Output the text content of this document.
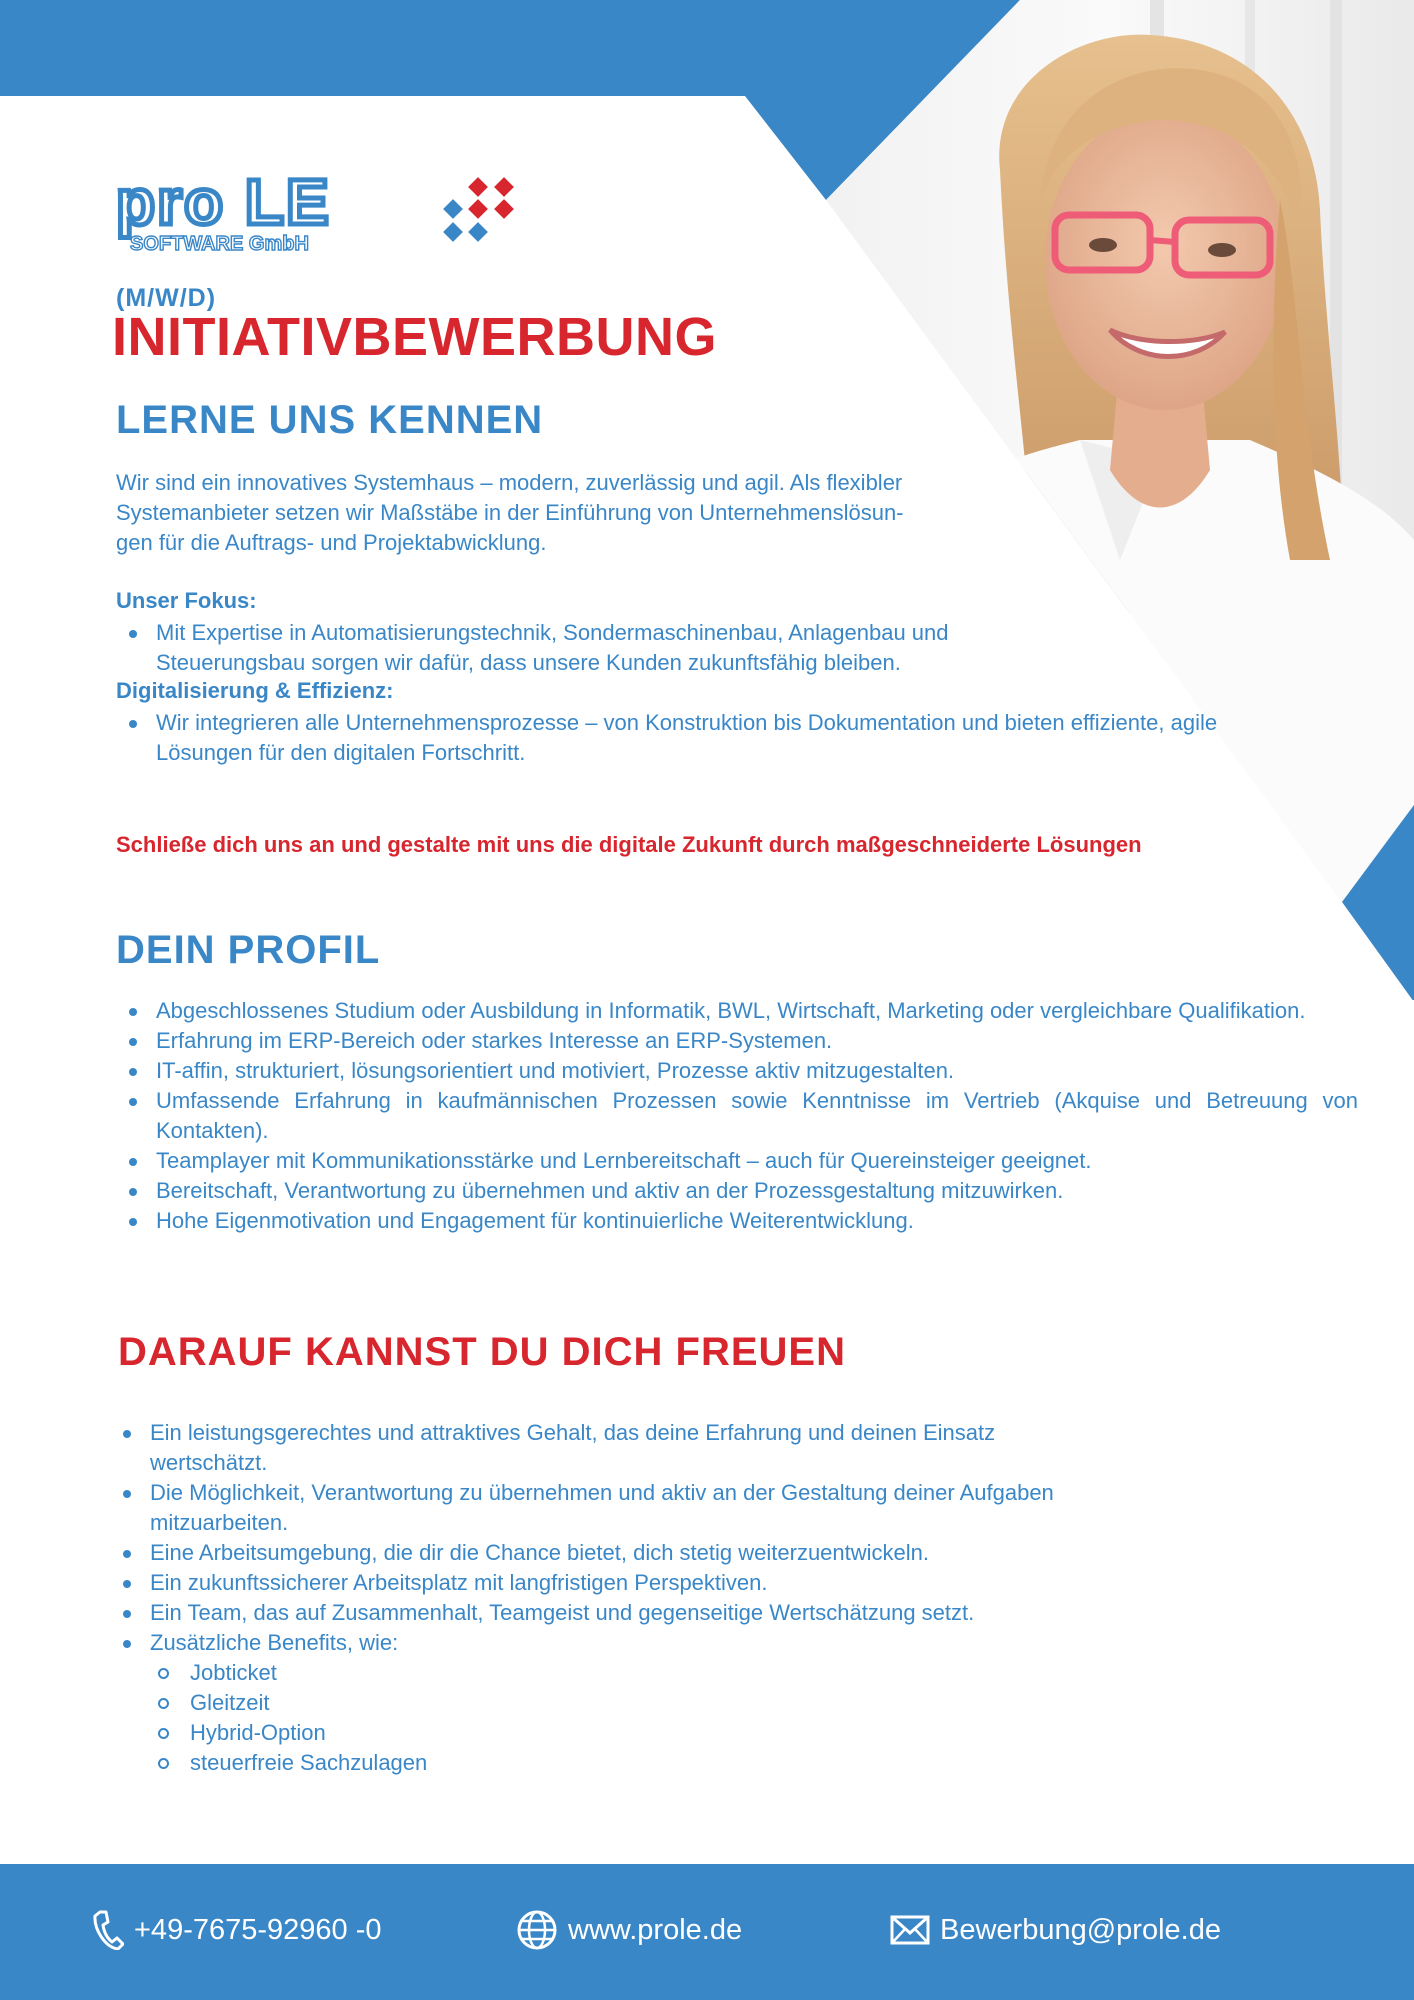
pro LE
SOFTWARE GmbH
(M/W/D)
INITIATIVBEWERBUNG
LERNE UNS KENNEN
Wir sind ein innovatives Systemhaus – modern, zuverlässig und agil. Als flexibler
Systemanbieter setzen wir Maßstäbe in der Einführung von Unternehmenslösun-
gen für die Auftrags- und Projektabwicklung.
Unser Fokus:
Mit Expertise in Automatisierungstechnik, Sondermaschinenbau, Anlagenbau und Steuerungsbau sorgen wir dafür, dass unsere Kunden zukunftsfähig bleiben.
Digitalisierung & Effizienz:
Wir integrieren alle Unternehmensprozesse – von Konstruktion bis Dokumentation und bieten effiziente, agile Lösungen für den digitalen Fortschritt.
Schließe dich uns an und gestalte mit uns die digitale Zukunft durch maßgeschneiderte Lösungen
DEIN PROFIL
Abgeschlossenes Studium oder Ausbildung in Informatik, BWL, Wirtschaft, Marketing oder vergleichbare Qualifikation.
Erfahrung im ERP-Bereich oder starkes Interesse an ERP-Systemen.
IT-affin, strukturiert, lösungsorientiert und motiviert, Prozesse aktiv mitzugestalten.
Umfassende Erfahrung in kaufmännischen Prozessen sowie Kenntnisse im Vertrieb (Akquise und Betreuung von Kontakten).
Teamplayer mit Kommunikationsstärke und Lernbereitschaft – auch für Quereinsteiger geeignet.
Bereitschaft, Verantwortung zu übernehmen und aktiv an der Prozessgestaltung mitzuwirken.
Hohe Eigenmotivation und Engagement für kontinuierliche Weiterentwicklung.
DARAUF KANNST DU DICH FREUEN
Ein leistungsgerechtes und attraktives Gehalt, das deine Erfahrung und deinen Einsatz wertschätzt.
Die Möglichkeit, Verantwortung zu übernehmen und aktiv an der Gestaltung deiner Aufgaben mitzuarbeiten.
Eine Arbeitsumgebung, die dir die Chance bietet, dich stetig weiterzuentwickeln.
Ein zukunftssicherer Arbeitsplatz mit langfristigen Perspektiven.
Ein Team, das auf Zusammenhalt, Teamgeist und gegenseitige Wertschätzung setzt.
Zusätzliche Benefits, wie:
Jobticket
Gleitzeit
Hybrid-Option
steuerfreie Sachzulagen
+49-7675-92960 -0	www.prole.de	Bewerbung@prole.de
